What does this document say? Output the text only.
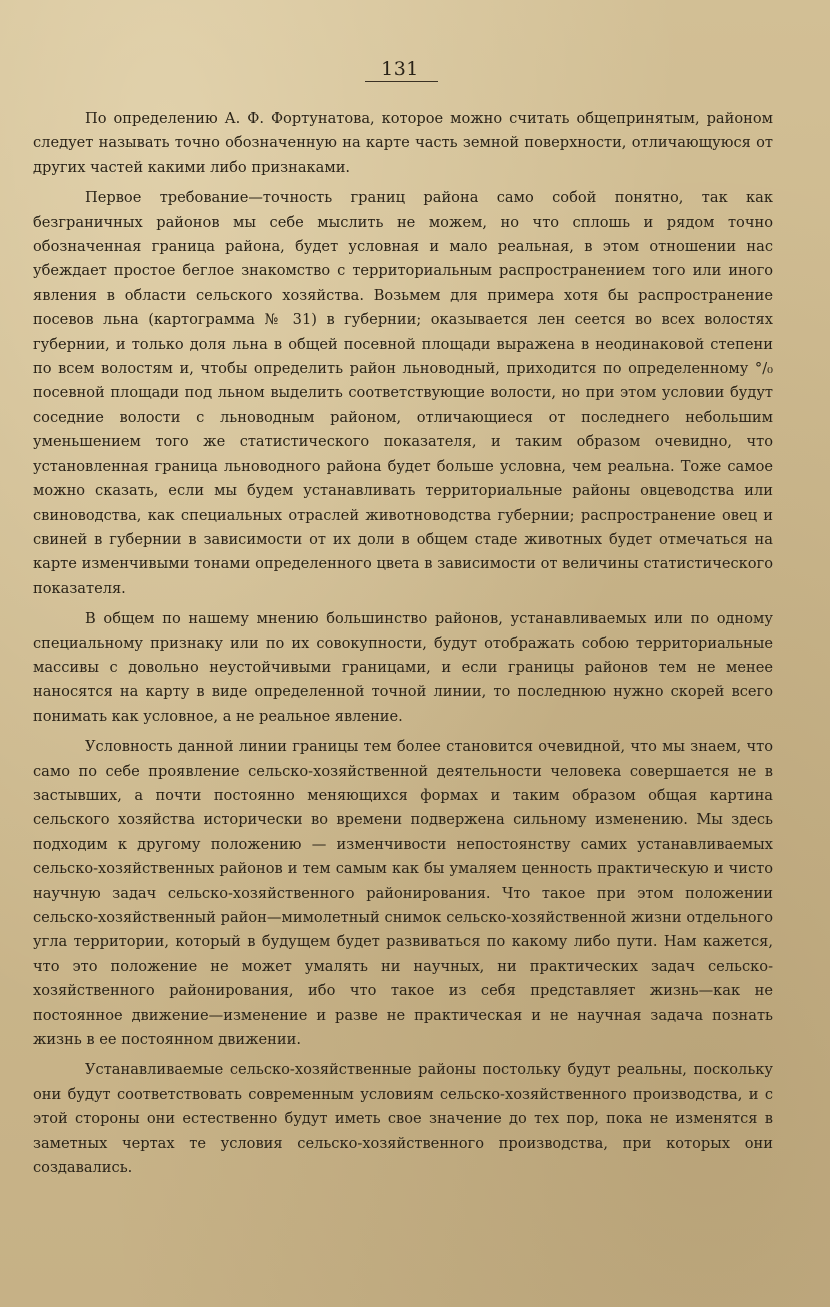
131

По определению А. Ф. Фортунатова, которое можно считать общепринятым, районом следует называть точно обозначенную на карте часть земной поверхности, отличающуюся от других частей какими либо признаками.

Первое требование—точность границ района само собой понятно, так как безграничных районов мы себе мыслить не можем, но что сплошь и рядом точно обозначенная граница района, будет условная и мало реальная, в этом отношении нас убеждает простое беглое знакомство с территориальным распространением того или иного явления в области сельского хозяйства. Возьмем для примера хотя бы распространение посевов льна (картограмма № 31) в губернии; оказывается лен сеется во всех волостях губернии, и только доля льна в общей посевной площади выражена в неодинаковой степени по всем волостям и, чтобы определить район льноводный, приходится по определенному °/₀ посевной площади под льном выделить соответствующие волости, но при этом условии будут соседние волости с льноводным районом, отличающиеся от последнего небольшим уменьшением того же статистического показателя, и таким образом очевидно, что установленная граница льноводного района будет больше условна, чем реальна. Тоже самое можно сказать, если мы будем устанавливать территориальные районы овцеводства или свиноводства, как специальных отраслей животноводства губернии; распространение овец и свиней в губернии в зависимости от их доли в общем стаде животных будет отмечаться на карте изменчивыми тонами определенного цвета в зависимости от величины статистического показателя.

В общем по нашему мнению большинство районов, устанавливаемых или по одному специальному признаку или по их совокупности, будут отображать собою территориальные массивы с довольно неустойчивыми границами, и если границы районов тем не менее наносятся на карту в виде определенной точной линии, то последнюю нужно скорей всего понимать как условное, а не реальное явление.

Условность данной линии границы тем более становится очевидной, что мы знаем, что само по себе проявление сельско-хозяйственной деятельности человека совершается не в застывших, а почти постоянно меняющихся формах и таким образом общая картина сельского хозяйства исторически во времени подвержена сильному изменению. Мы здесь подходим к другому положению — изменчивости непостоянству самих устанавливаемых сельско-хозяйственных районов и тем самым как бы умаляем ценность практическую и чисто научную задач сельско-хозяйственного районирования. Что такое при этом положении сельско-хозяйственный район—мимолетный снимок сельско-хозяйственной жизни отдельного угла территории, который в будущем будет развиваться по какому либо пути. Нам кажется, что это положение не может умалять ни научных, ни практических задач сельско-хозяйственного районирования, ибо что такое из себя представляет жизнь—как не постоянное движение—изменение и разве не практическая и не научная задача познать жизнь в ее постоянном движении.

Устанавливаемые сельско-хозяйственные районы постольку будут реальны, поскольку они будут соответствовать современным условиям сельско-хозяйственного производства, и с этой стороны они естественно будут иметь свое значение до тех пор, пока не изменятся в заметных чертах те условия сельско-хозяйственного производства, при которых они создавались.
